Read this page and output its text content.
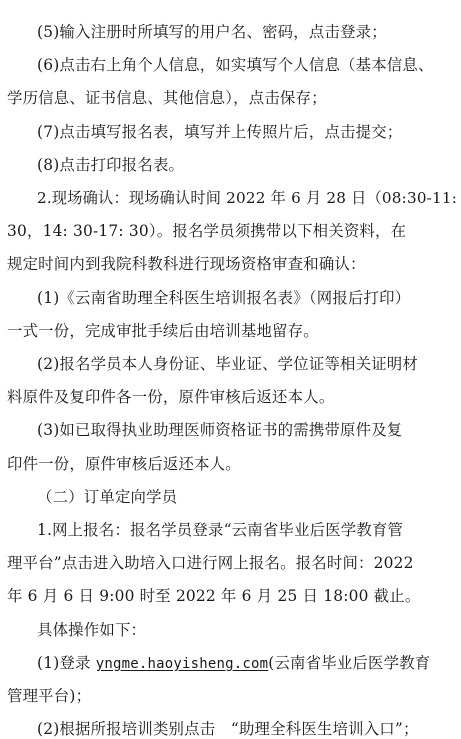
(5)输入注册时所填写的用户名、密码，点击登录；
(6)点击右上角个人信息，如实填写个人信息（基本信息、
学历信息、证书信息、其他信息），点击保存；
(7)点击填写报名表，填写并上传照片后，点击提交；
(8)点击打印报名表。
2.现场确认：现场确认时间 2022 年 6 月 28 日（08:30-11:
30，14: 30-17: 30）。报名学员须携带以下相关资料，在
规定时间内到我院科教科进行现场资格审查和确认：
(1)《云南省助理全科医生培训报名表》（网报后打印）
一式一份，完成审批手续后由培训基地留存。
(2)报名学员本人身份证、毕业证、学位证等相关证明材
料原件及复印件各一份，原件审核后返还本人。
(3)如已取得执业助理医师资格证书的需携带原件及复
印件一份，原件审核后返还本人。
（二）订单定向学员
1.网上报名：报名学员登录“云南省毕业后医学教育管
理平台”点击进入助培入口进行网上报名。报名时间：2022
年 6 月 6 日 9:00 时至 2022 年 6 月 25 日 18:00 截止。
具体操作如下：
(1)登录 yngme.haoyisheng.com(云南省毕业后医学教育
管理平台)；
(2)根据所报培训类别点击　“助理全科医生培训入口”；
